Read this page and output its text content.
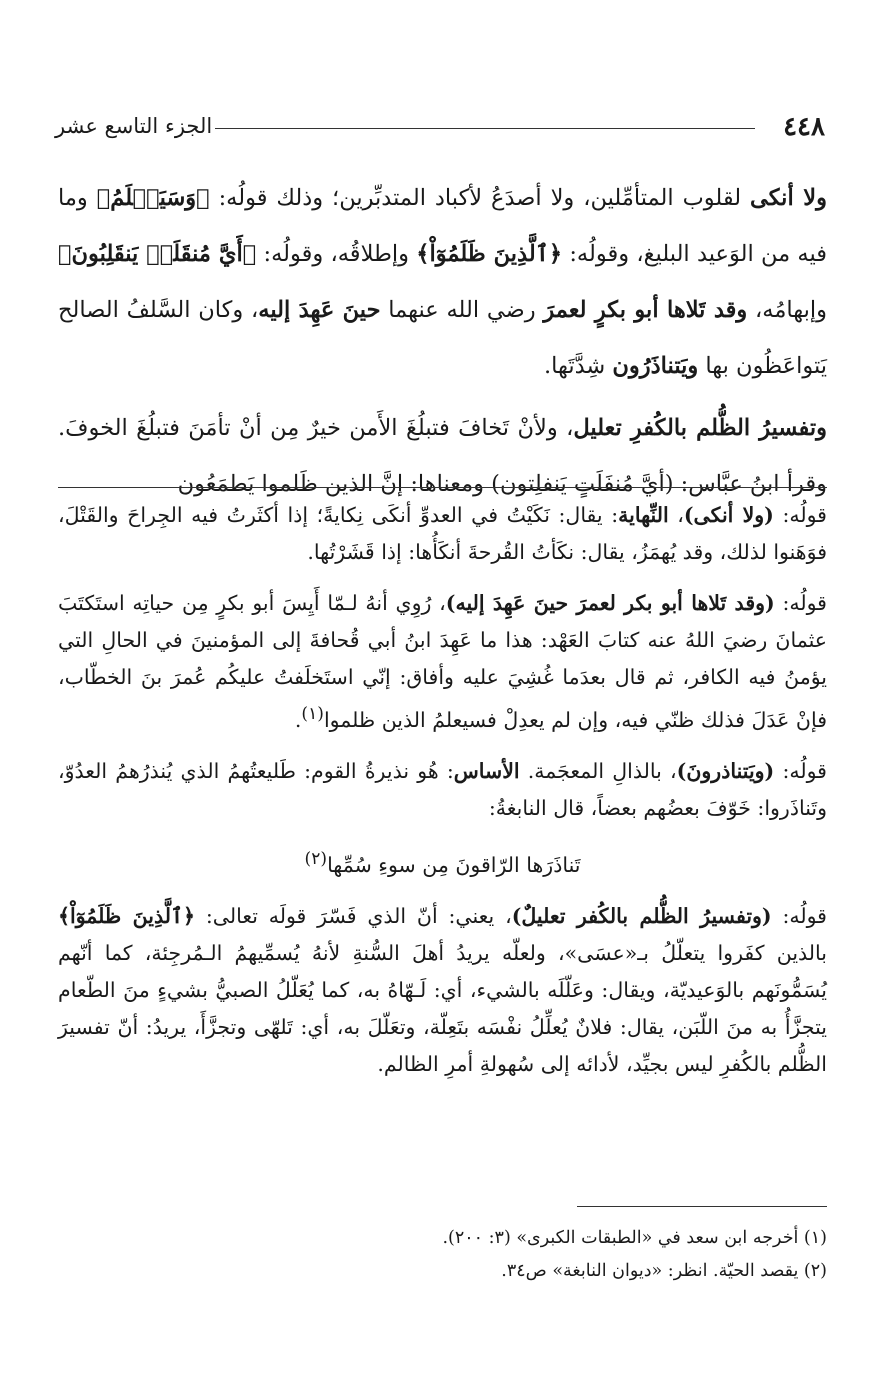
٤٤٨
الجزء التاسع عشر

ولا أنكى لقلوب المتأمِّلين، ولا أصدَعُ لأكباد المتدبِّرين؛ وذلك قولُه: ﴿وَسَيَعۡلَمُ﴾ وما فيه من الوَعيد البليغ، وقولُه: ﴿ٱلَّذِينَ ظَلَمُوٓاْ﴾ وإطلاقُه، وقولُه: ﴿أَيَّ مُنقَلَبٖ يَنقَلِبُونَ﴾ وإبهامُه، وقد تَلاها أبو بكرٍ لعمرَ رضي الله عنهما حينَ عَهِدَ إليه، وكان السَّلفُ الصالح يَتواعَظُون بها ويَتناذَرُون شِدَّتَها.

وتفسيرُ الظُّلم بالكُفرِ تعليل، ولأنْ تَخافَ فتبلُغَ الأَمن خيرٌ مِن أنْ تأمَنَ فتبلُغَ الخوفَ. وقرأ ابنُ عبَّاس: (أيَّ مُنفَلَتٍ يَنفلِتون) ومعناها: إنَّ الذين ظَلموا يَطمَعُون

قولُه: (ولا أنكى)، النِّهاية: يقال: نَكَيْتُ في العدوِّ أنكَى نِكايةً؛ إذا أكثَرتُ فيه الجِراحَ والقَتْلَ، فوَهَنوا لذلك، وقد يُهمَزُ، يقال: نكَأتُ القُرحةَ أنكَأُها: إذا قَشَرْتُها.

قولُه: (وقد تَلاها أبو بكر لعمرَ حينَ عَهِدَ إليه)، رُوِي أنهُ لـمّا أَيِسَ أبو بكرٍ مِن حياتِه استَكتَبَ عثمانَ رضيَ اللهُ عنه كتابَ العَهْد: هذا ما عَهِدَ ابنُ أبي قُحافةَ إلى المؤمنينَ في الحالِ التي يؤمنُ فيه الكافر، ثم قال بعدَما غُشِيَ عليه وأفاق: إنّي استَخلَفتُ عليكُم عُمرَ بنَ الخطّاب، فإنْ عَدَلَ فذلك ظنّي فيه، وإن لم يعدِلْ فسيعلمُ الذين ظلموا$^{(١)}$.

قولُه: (ويَتناذرونَ)، بالذالِ المعجَمة. الأساس: هُو نذيرةُ القوم: طَليعتُهمُ الذي يُنذرُهمُ العدُوّ، وتَناذَروا: خَوّفَ بعضُهم بعضاً، قال النابغةُ:

تَناذَرَها الرّاقونَ مِن سوءِ سُمِّها$^{(٢)}$

قولُه: (وتفسيرُ الظُّلم بالكُفر تعليلٌ)، يعني: أنّ الذي فَسّرَ قولَه تعالى: ﴿ٱلَّذِينَ ظَلَمُوٓاْ﴾ بالذين كفَروا يتعلّلُ بـ«عسَى»، ولعلّه يريدُ أهلَ السُّنةِ لأنهُ يُسمِّيهمُ الـمُرجِئة، كما أنّهم يُسَمُّونَهم بالوَعيديّة، ويقال: وعَلّلَه بالشيء، أي: لَـهّاهُ به، كما يُعَلّلُ الصبيُّ بشيءٍ منَ الطّعام يتجزَّأُ به منَ اللّبَن، يقال: فلانٌ يُعلِّلُ نفْسَه بتَعِلّة، وتعَلّلَ به، أي: تَلهّى وتجزَّأَ، يريدُ: أنّ تفسيرَ الظُّلم بالكُفرِ ليس بجيِّد، لأدائه إلى سُهولةِ أمرِ الظالم.

(١) أخرجه ابن سعد في «الطبقات الكبرى» (٣: ٢٠٠).

(٢) يقصد الحيّة. انظر: «ديوان النابغة» ص٣٤.
